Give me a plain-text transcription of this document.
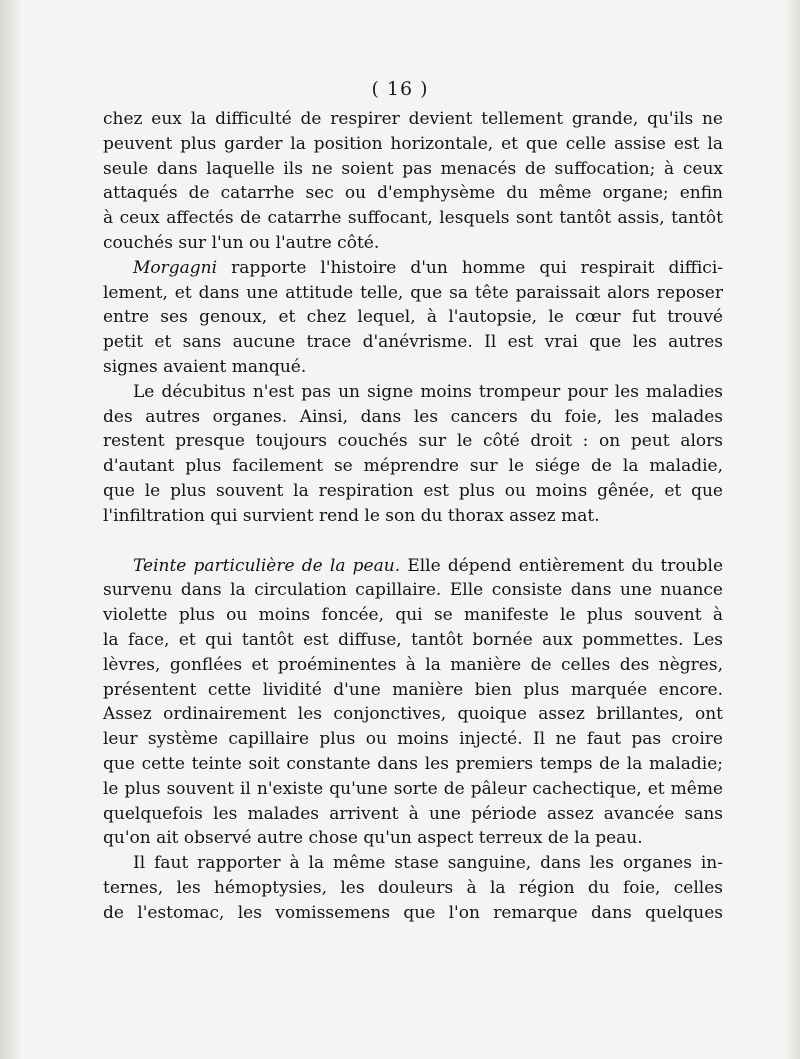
( 16 )
chez eux la difficulté de respirer devient tellement grande, qu'ils ne
peuvent plus garder la position horizontale, et que celle assise est la
seule dans laquelle ils ne soient pas menacés de suffocation; à ceux
attaqués de catarrhe sec ou d'emphysème du même organe; enfin
à ceux affectés de catarrhe suffocant, lesquels sont tantôt assis, tantôt
couchés sur l'un ou l'autre côté.
Morgagni rapporte l'histoire d'un homme qui respirait diffici-
lement, et dans une attitude telle, que sa tête paraissait alors reposer
entre ses genoux, et chez lequel, à l'autopsie, le cœur fut trouvé
petit et sans aucune trace d'anévrisme. Il est vrai que les autres
signes avaient manqué.
Le décubitus n'est pas un signe moins trompeur pour les maladies
des autres organes. Ainsi, dans les cancers du foie, les malades
restent presque toujours couchés sur le côté droit : on peut alors
d'autant plus facilement se méprendre sur le siége de la maladie,
que le plus souvent la respiration est plus ou moins gênée, et que
l'infiltration qui survient rend le son du thorax assez mat.
Teinte particulière de la peau. Elle dépend entièrement du trouble
survenu dans la circulation capillaire. Elle consiste dans une nuance
violette plus ou moins foncée, qui se manifeste le plus souvent à
la face, et qui tantôt est diffuse, tantôt bornée aux pommettes. Les
lèvres, gonflées et proéminentes à la manière de celles des nègres,
présentent cette lividité d'une manière bien plus marquée encore.
Assez ordinairement les conjonctives, quoique assez brillantes, ont
leur système capillaire plus ou moins injecté. Il ne faut pas croire
que cette teinte soit constante dans les premiers temps de la maladie;
le plus souvent il n'existe qu'une sorte de pâleur cachectique, et même
quelquefois les malades arrivent à une période assez avancée sans
qu'on ait observé autre chose qu'un aspect terreux de la peau.
Il faut rapporter à la même stase sanguine, dans les organes in-
ternes, les hémoptysies, les douleurs à la région du foie, celles
de l'estomac, les vomissemens que l'on remarque dans quelques
